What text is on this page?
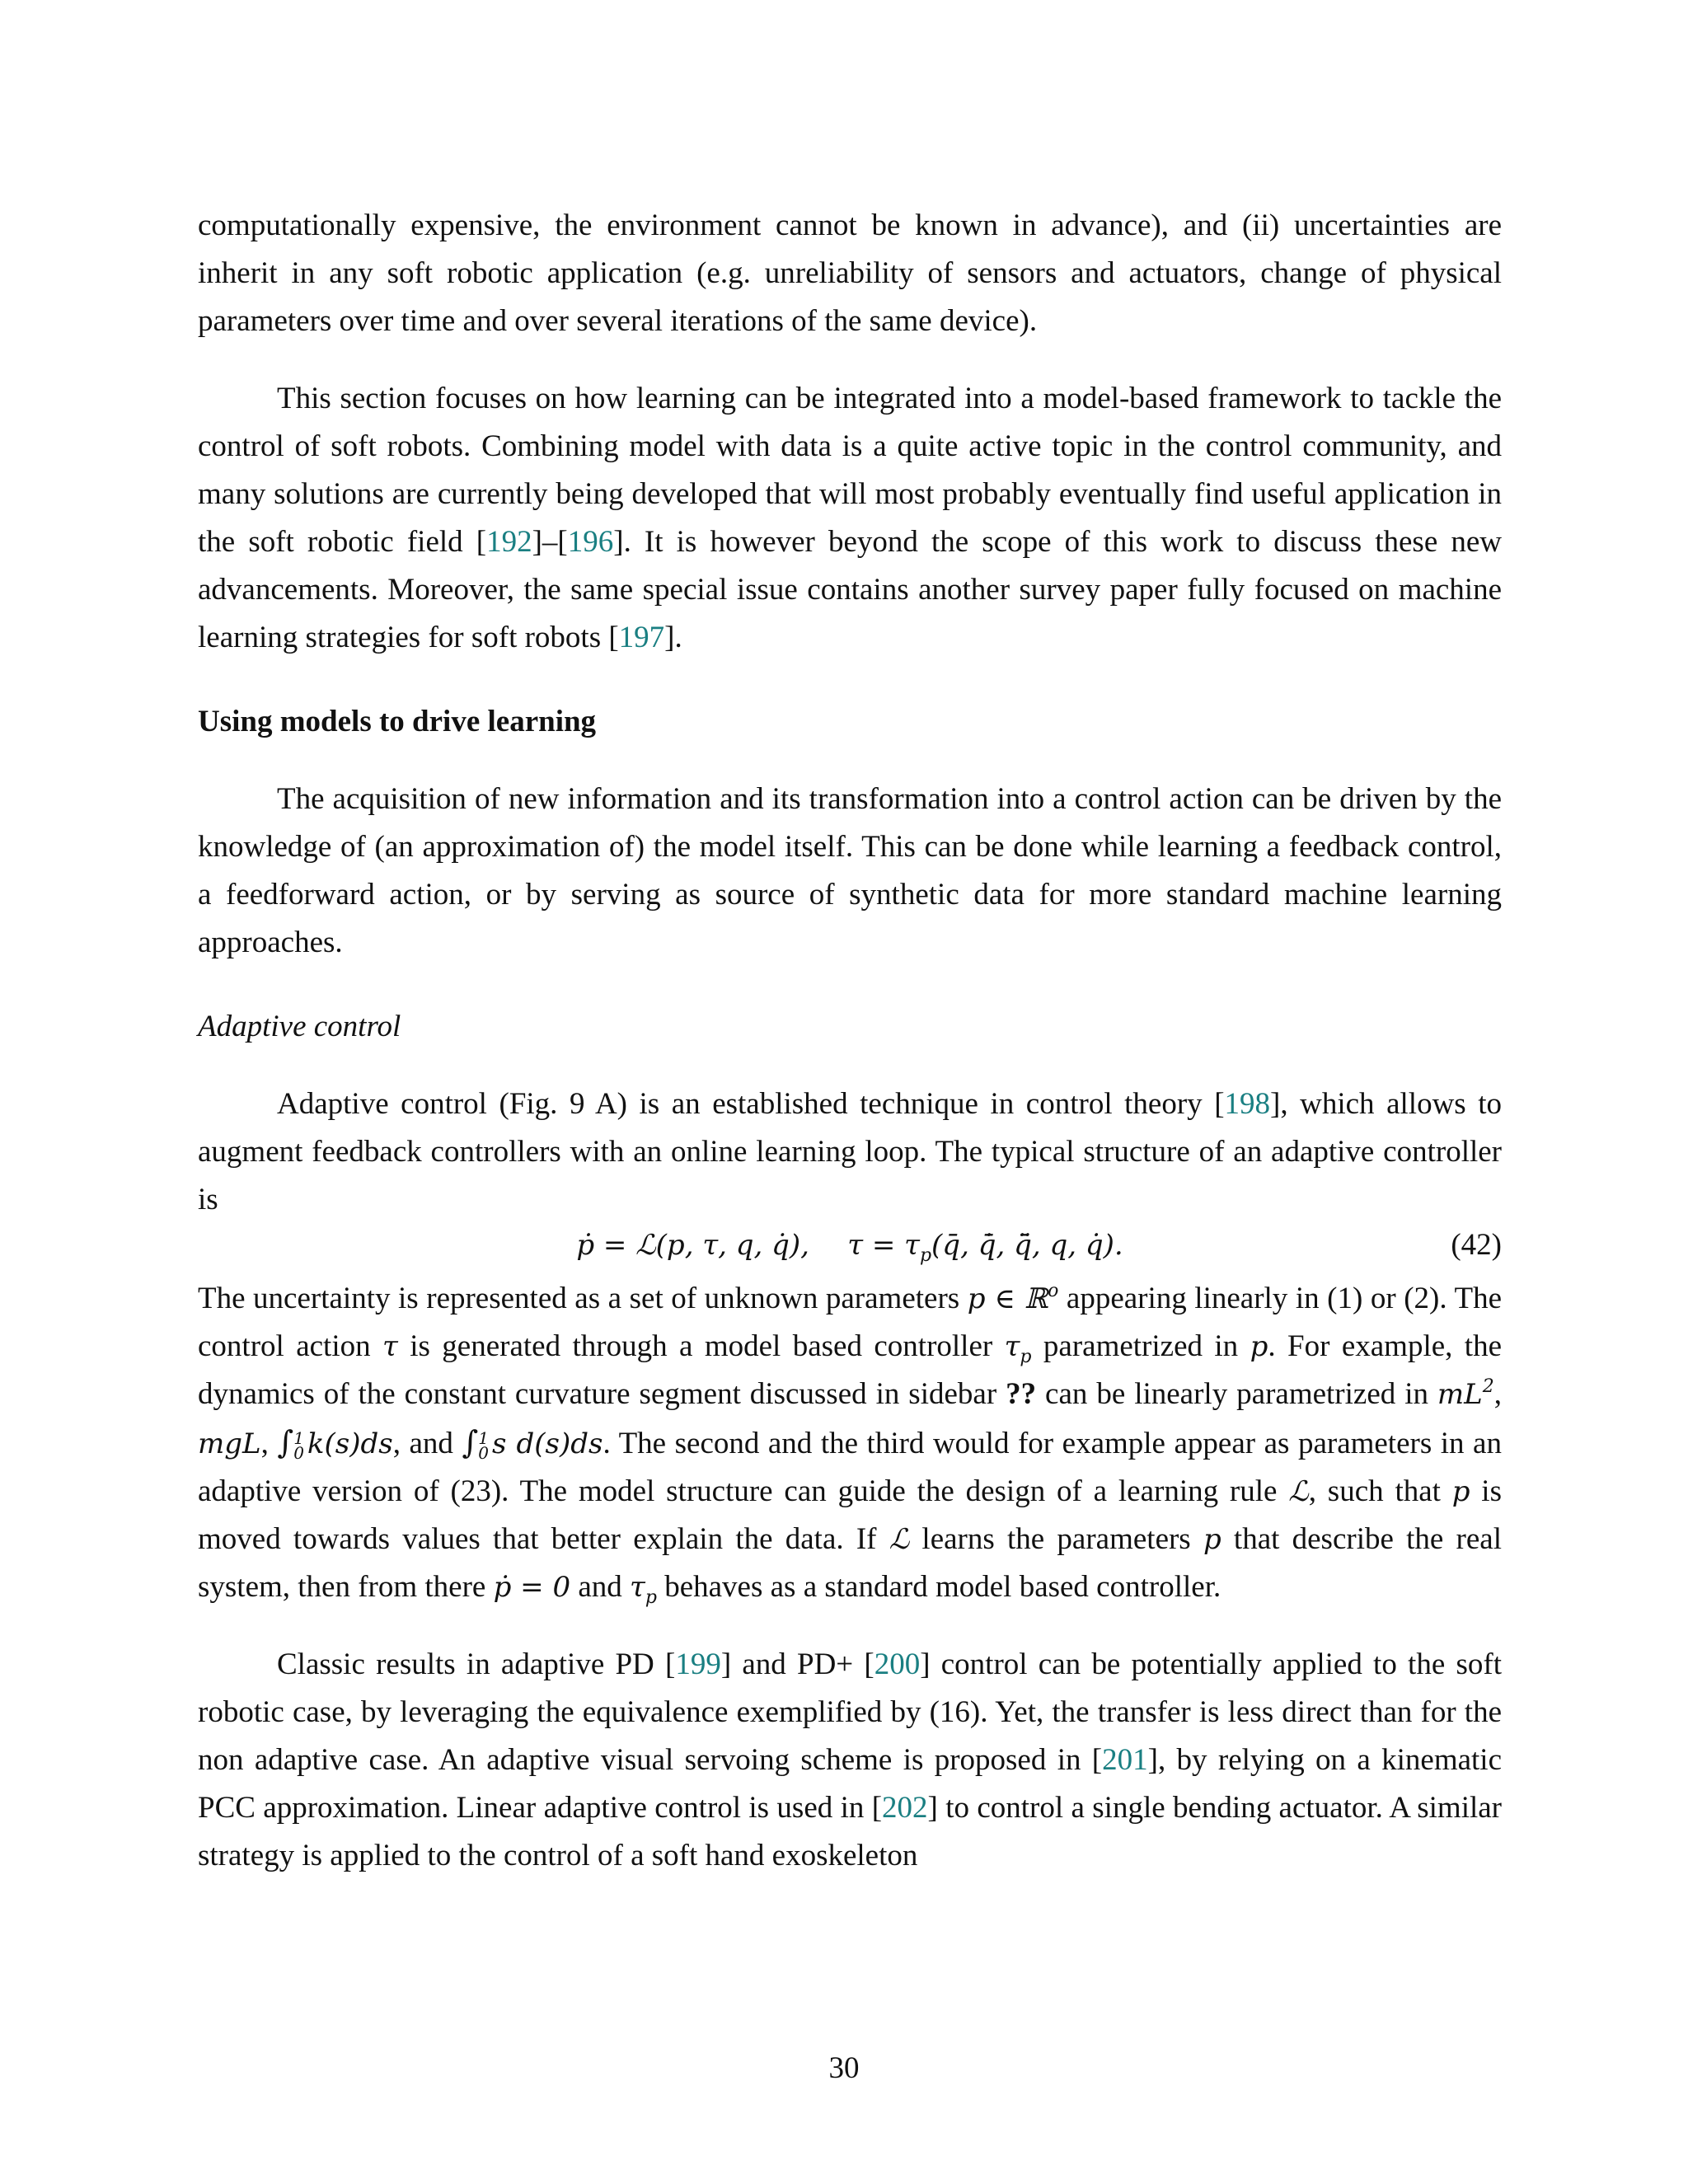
computationally expensive, the environment cannot be known in advance), and (ii) uncertainties are inherit in any soft robotic application (e.g. unreliability of sensors and actuators, change of physical parameters over time and over several iterations of the same device).

This section focuses on how learning can be integrated into a model-based framework to tackle the control of soft robots. Combining model with data is a quite active topic in the control community, and many solutions are currently being developed that will most probably eventually find useful application in the soft robotic field [192]–[196]. It is however beyond the scope of this work to discuss these new advancements. Moreover, the same special issue contains another survey paper fully focused on machine learning strategies for soft robots [197].

Using models to drive learning

The acquisition of new information and its transformation into a control action can be driven by the knowledge of (an approximation of) the model itself. This can be done while learning a feedback control, a feedforward action, or by serving as source of synthetic data for more standard machine learning approaches.

Adaptive control

Adaptive control (Fig. 9 A) is an established technique in control theory [198], which allows to augment feedback controllers with an online learning loop. The typical structure of an adaptive controller is

ṗ = ℒ(p, τ, q, q̇), $\tau = \tau_p(q̄$, q̄̇, q̄̈, q, q̇).	(42)

The uncertainty is represented as a set of unknown parameters p ∈ ℝ$^o$ appearing linearly in (1) or (2). The control action τ is generated through a model based controller $\tau_p$ parametrized in p. For example, the dynamics of the constant curvature segment discussed in sidebar ?? can be linearly parametrized in $mL^2$, mgL, ∫ 1
0 k(s)ds, and ∫ 1
0 s d(s)ds. The second and the third would for example appear as parameters in an adaptive version of (23). The model structure can guide the design of a learning rule ℒ, such that p is moved towards values that better explain the data. If ℒ learns the parameters p that describe the real system, then from there ṗ = 0 and $\tau_p$ behaves as a standard model based controller.

Classic results in adaptive PD [199] and PD+ [200] control can be potentially applied to the soft robotic case, by leveraging the equivalence exemplified by (16). Yet, the transfer is less direct than for the non adaptive case. An adaptive visual servoing scheme is proposed in [201], by relying on a kinematic PCC approximation. Linear adaptive control is used in [202] to control a single bending actuator. A similar strategy is applied to the control of a soft hand exoskeleton

30
